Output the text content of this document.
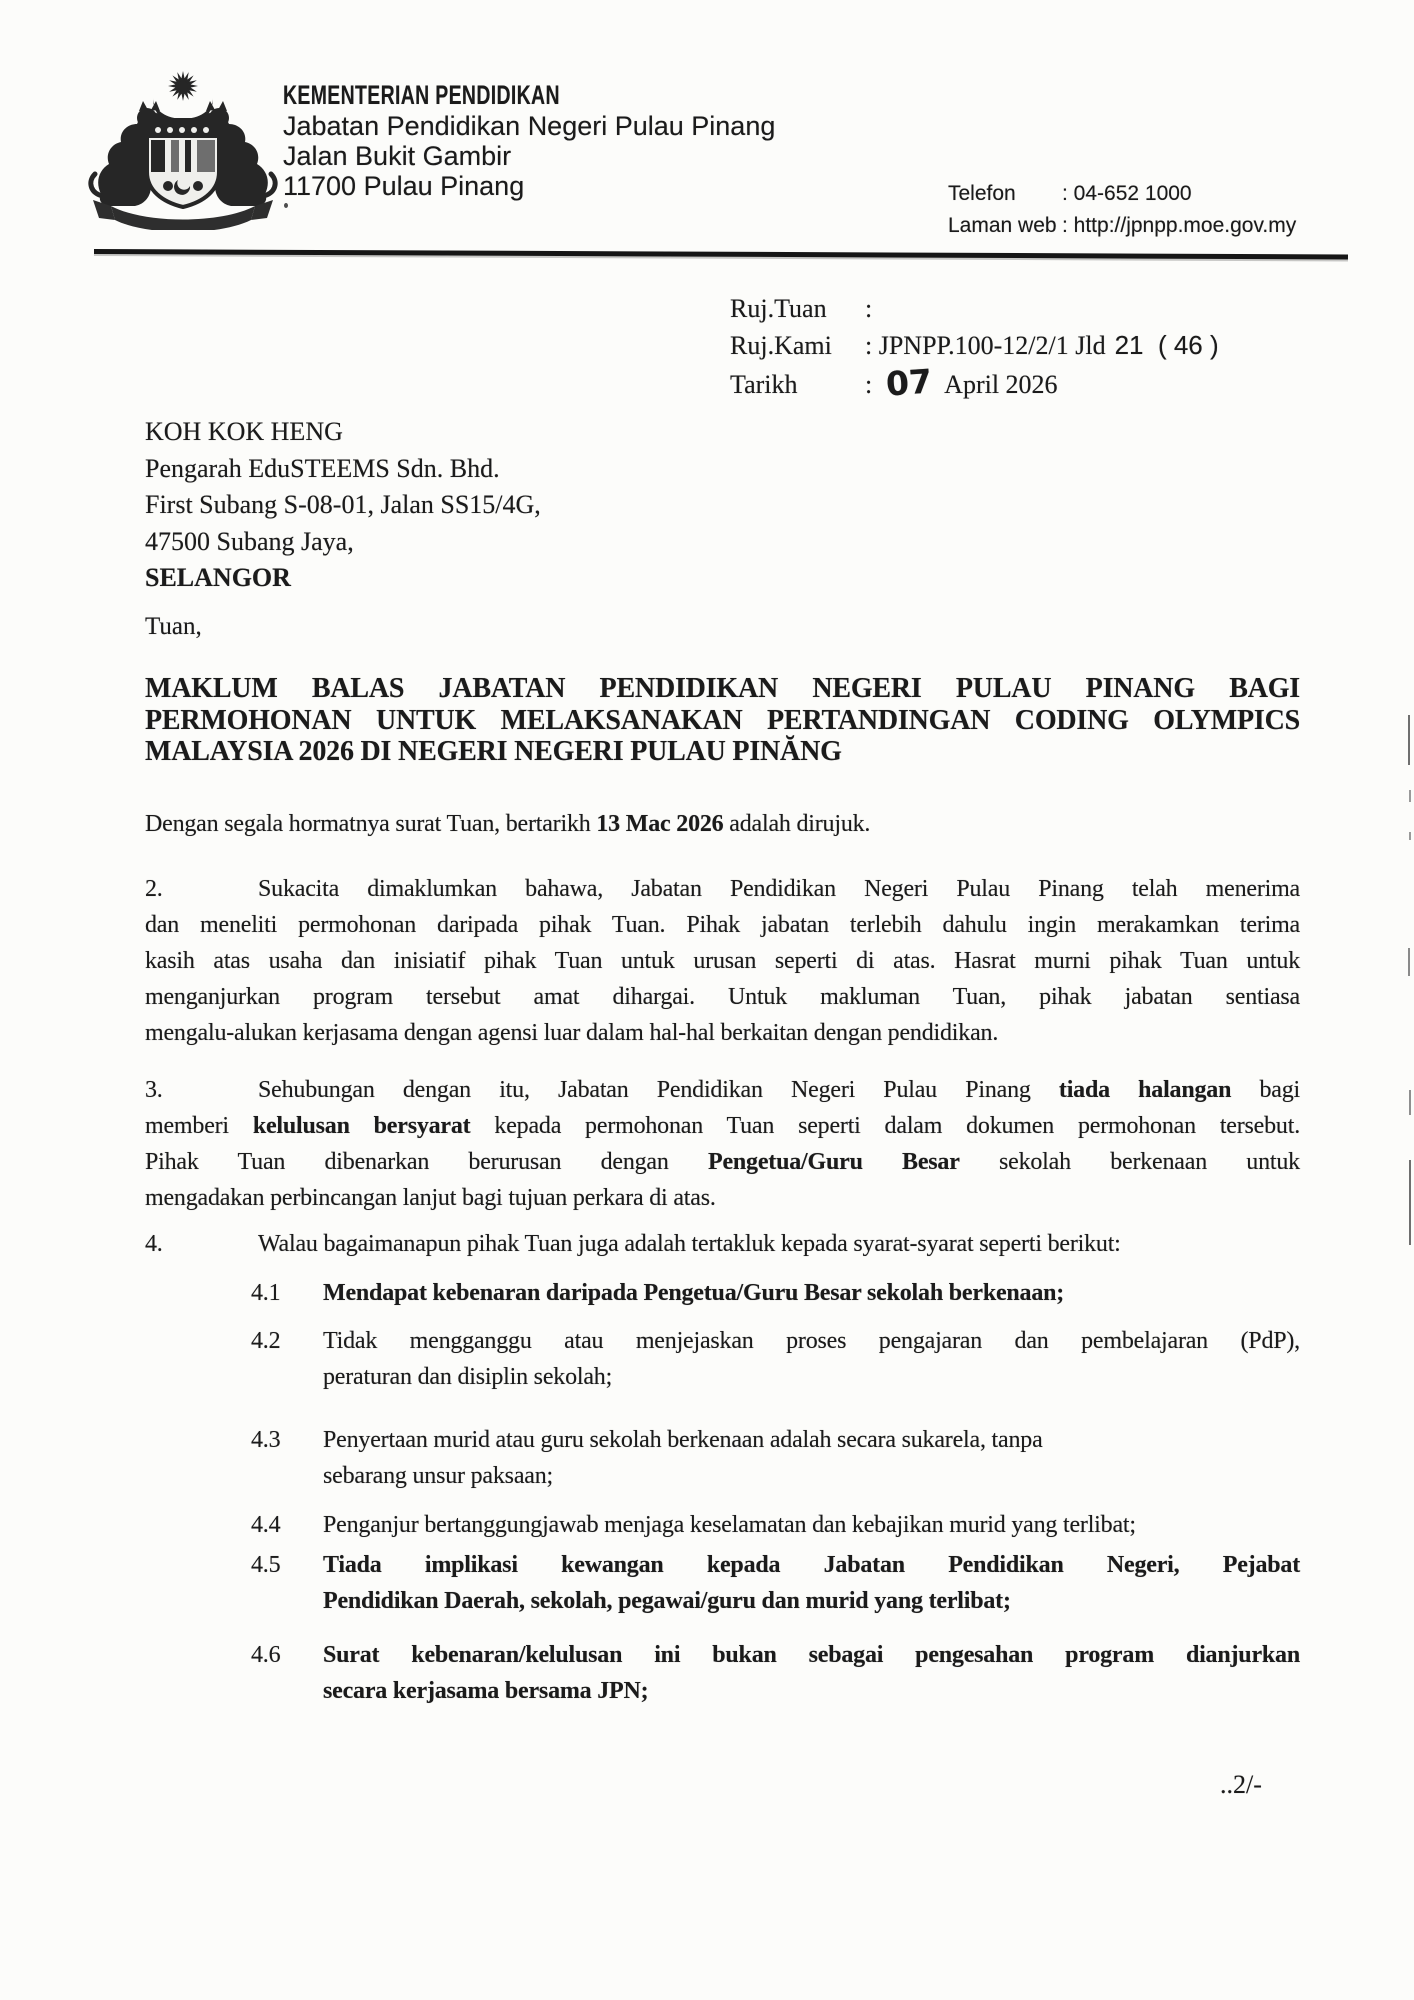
KEMENTERIAN PENDIDIKAN
Jabatan Pendidikan Negeri Pulau Pinang
Jalan Bukit Gambir
11700 Pulau Pinang	Telefon	: 04-652 1000
Laman web : http://jpnpp.moe.gov.my
Ruj.Tuan	:
Ruj.Kami	: JPNPP.100-12/2/1 Jld 21  ( 46 )
Tarikh	: 07 April 2026
KOH KOK HENG
Pengarah EduSTEEMS Sdn. Bhd.
First Subang S-08-01, Jalan SS15/4G,
47500 Subang Jaya,
SELANGOR
Tuan,
MAKLUM BALAS JABATAN PENDIDIKAN NEGERI PULAU PINANG BAGI
PERMOHONAN UNTUK MELAKSANAKAN PERTANDINGAN CODING OLYMPICS
MALAYSIA 2026 DI NEGERI NEGERI PULAU PINĂNG
Dengan segala hormatnya surat Tuan, bertarikh 13 Mac 2026 adalah dirujuk.
2.	Sukacita dimaklumkan bahawa, Jabatan Pendidikan Negeri Pulau Pinang telah menerima
dan meneliti permohonan daripada pihak Tuan. Pihak jabatan terlebih dahulu ingin merakamkan terima
kasih atas usaha dan inisiatif pihak Tuan untuk urusan seperti di atas. Hasrat murni pihak Tuan untuk
menganjurkan program tersebut amat dihargai. Untuk makluman Tuan, pihak jabatan sentiasa
mengalu-alukan kerjasama dengan agensi luar dalam hal-hal berkaitan dengan pendidikan.
3.	Sehubungan dengan itu, Jabatan Pendidikan Negeri Pulau Pinang tiada halangan bagi
memberi kelulusan bersyarat kepada permohonan Tuan seperti dalam dokumen permohonan tersebut.
Pihak Tuan dibenarkan berurusan dengan Pengetua/Guru Besar sekolah berkenaan untuk
mengadakan perbincangan lanjut bagi tujuan perkara di atas.
4.	Walau bagaimanapun pihak Tuan juga adalah tertakluk kepada syarat-syarat seperti berikut:
4.1 Mendapat kebenaran daripada Pengetua/Guru Besar sekolah berkenaan;
4.2 Tidak mengganggu atau menjejaskan proses pengajaran dan pembelajaran (PdP),
peraturan dan disiplin sekolah;
4.3 Penyertaan murid atau guru sekolah berkenaan adalah secara sukarela, tanpa
sebarang unsur paksaan;
4.4 Penganjur bertanggungjawab menjaga keselamatan dan kebajikan murid yang terlibat;
4.5 Tiada implikasi kewangan kepada Jabatan Pendidikan Negeri, Pejabat
Pendidikan Daerah, sekolah, pegawai/guru dan murid yang terlibat;
4.6 Surat kebenaran/kelulusan ini bukan sebagai pengesahan program dianjurkan
secara kerjasama bersama JPN;
..2/-
